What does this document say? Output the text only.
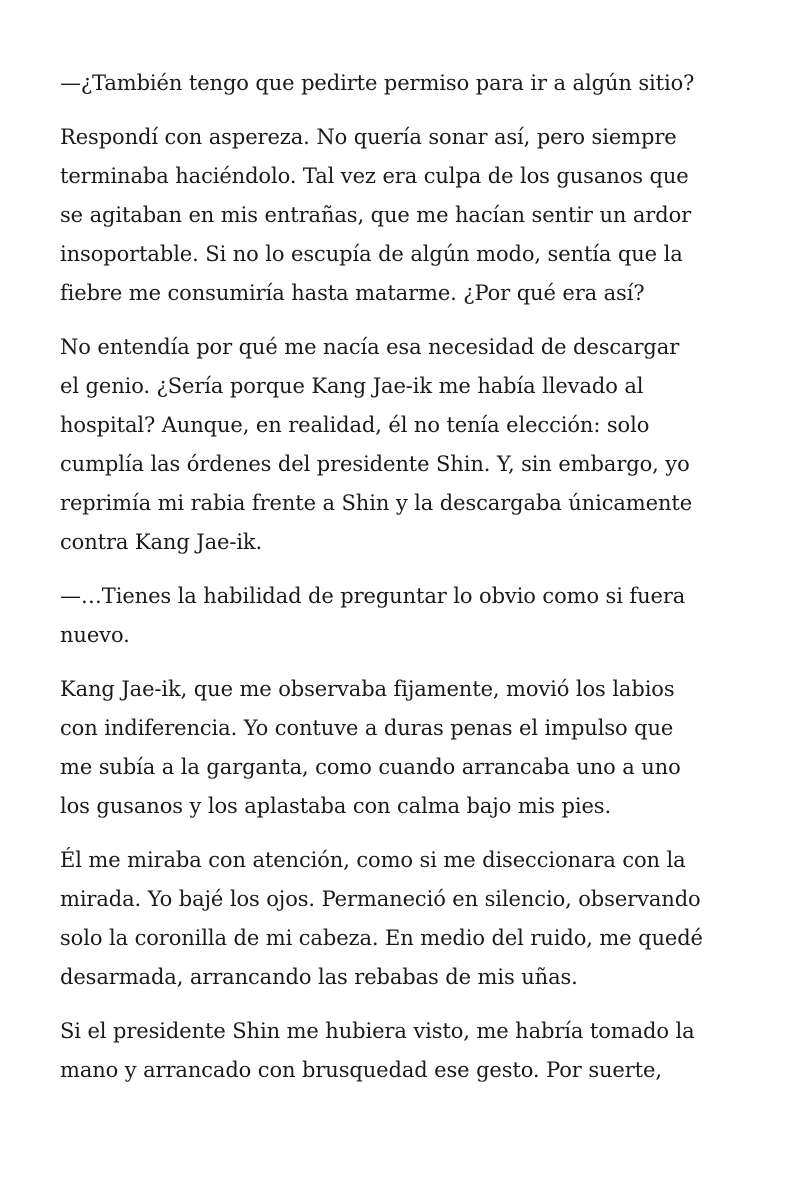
—¿También tengo que pedirte permiso para ir a algún sitio?

Respondí con aspereza. No quería sonar así, pero siempre
terminaba haciéndolo. Tal vez era culpa de los gusanos que
se agitaban en mis entrañas, que me hacían sentir un ardor
insoportable. Si no lo escupía de algún modo, sentía que la
fiebre me consumiría hasta matarme. ¿Por qué era así?

No entendía por qué me nacía esa necesidad de descargar
el genio. ¿Sería porque Kang Jae-ik me había llevado al
hospital? Aunque, en realidad, él no tenía elección: solo
cumplía las órdenes del presidente Shin. Y, sin embargo, yo
reprimía mi rabia frente a Shin y la descargaba únicamente
contra Kang Jae-ik.

—…Tienes la habilidad de preguntar lo obvio como si fuera
nuevo.

Kang Jae-ik, que me observaba fijamente, movió los labios
con indiferencia. Yo contuve a duras penas el impulso que
me subía a la garganta, como cuando arrancaba uno a uno
los gusanos y los aplastaba con calma bajo mis pies.

Él me miraba con atención, como si me diseccionara con la
mirada. Yo bajé los ojos. Permaneció en silencio, observando
solo la coronilla de mi cabeza. En medio del ruido, me quedé
desarmada, arrancando las rebabas de mis uñas.

Si el presidente Shin me hubiera visto, me habría tomado la
mano y arrancado con brusquedad ese gesto. Por suerte,
